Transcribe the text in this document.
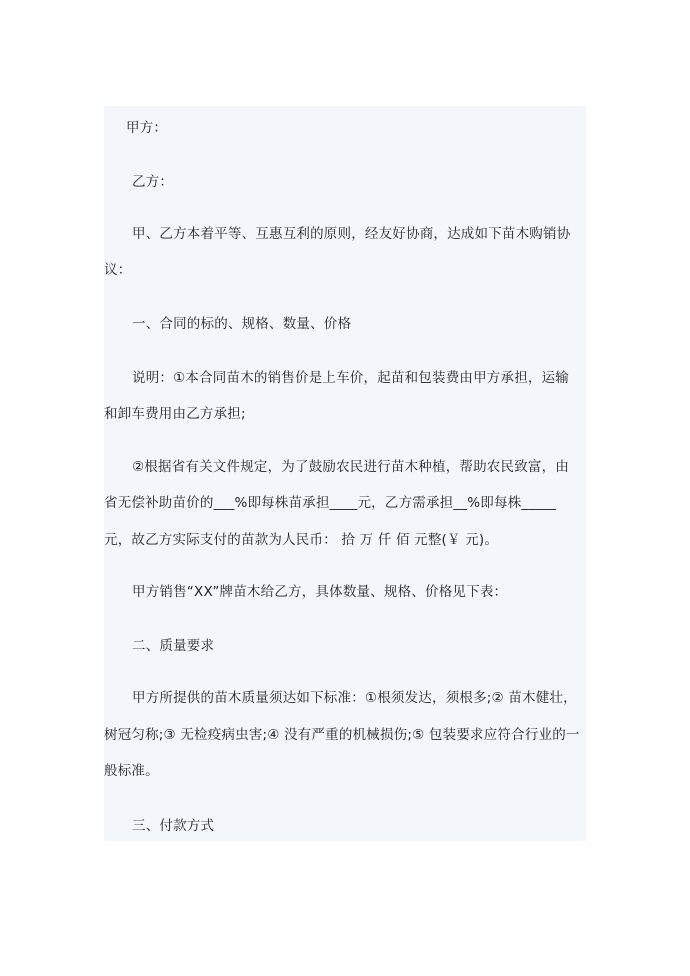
甲方：
乙方：
甲、乙方本着平等、互惠互利的原则，经友好协商，达成如下苗木购销协
议：
一、合同的标的、规格、数量、价格
说明：①本合同苗木的销售价是上车价，起苗和包装费由甲方承担，运输
和卸车费用由乙方承担;
②根据省有关文件规定，为了鼓励农民进行苗木种植，帮助农民致富，由
省无偿补助苗价的___%即每株苗承担____元，乙方需承担__%即每株_____
元，故乙方实际支付的苗款为人民币： 拾 万 仟 佰 元整(￥ 元)。
甲方销售“XX”牌苗木给乙方，具体数量、规格、价格见下表：
二、质量要求
甲方所提供的苗木质量须达如下标准：①根须发达，须根多;② 苗木健壮，
树冠匀称;③ 无检疫病虫害;④ 没有严重的机械损伤;⑤ 包装要求应符合行业的一
般标准。
三、付款方式
